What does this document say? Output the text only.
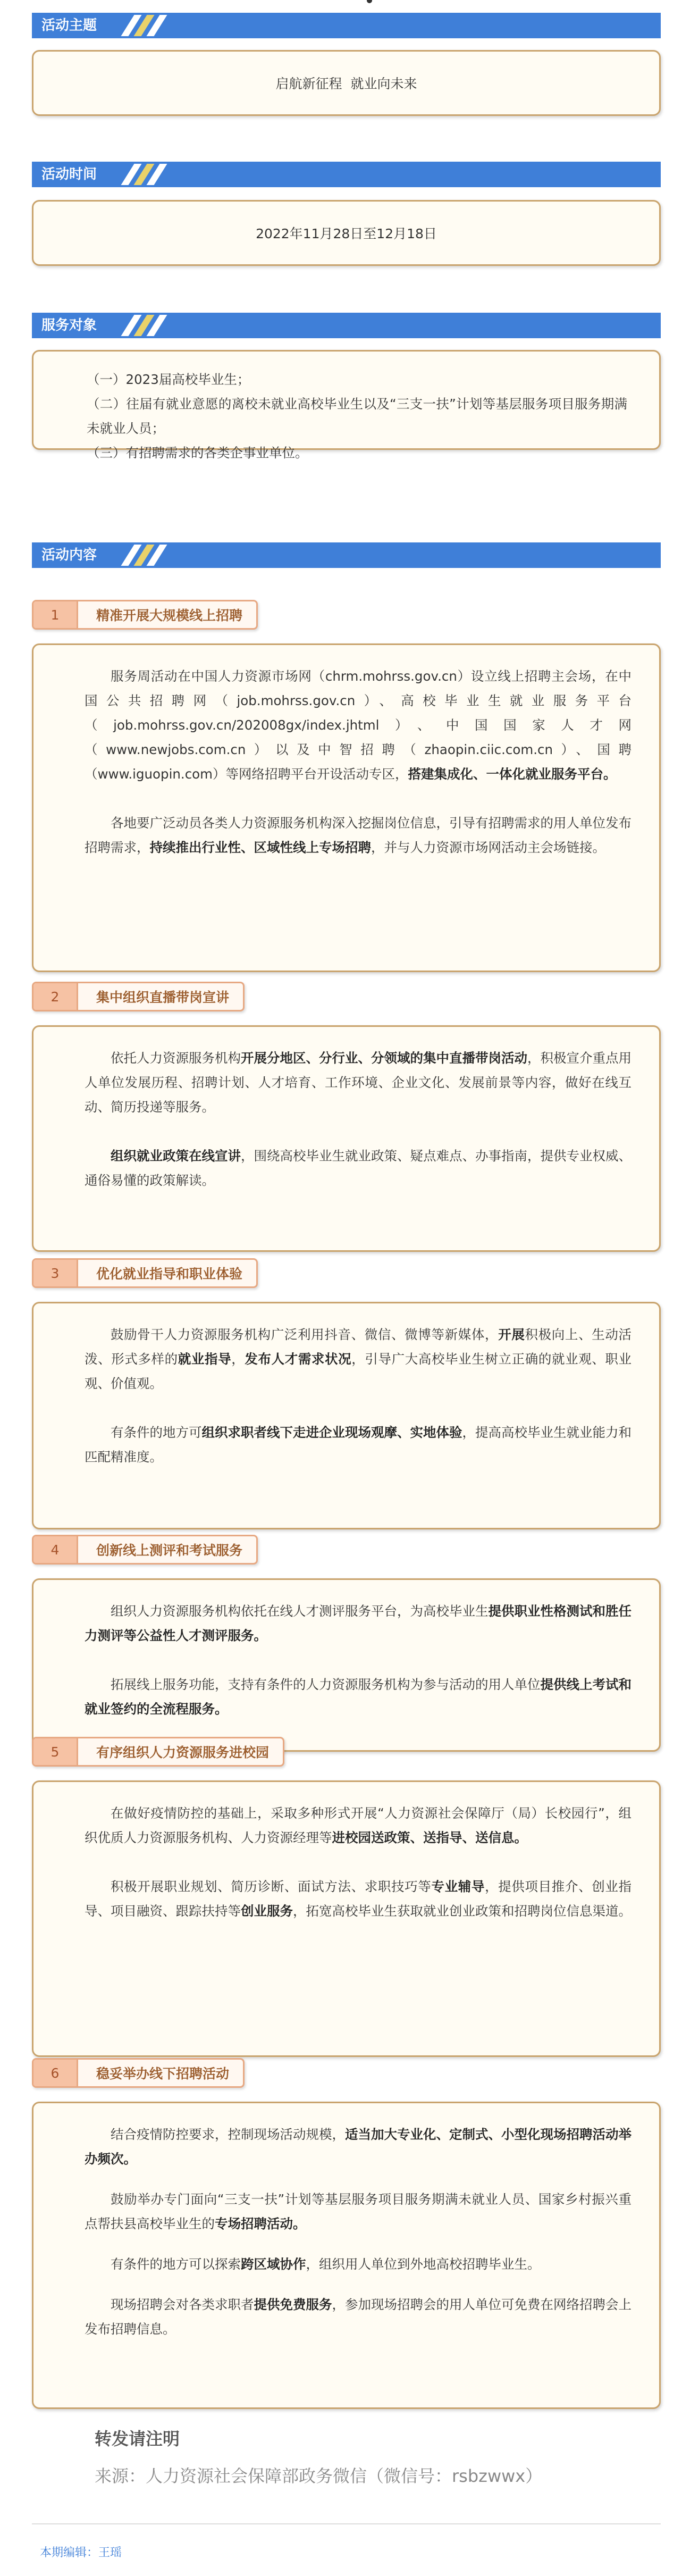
活动主题
启航新征程  就业向未来
活动时间
2022年11月28日至12月18日
服务对象

（一）2023届高校毕业生；

（二）往届有就业意愿的离校未就业高校毕业生以及“三支一扶”计划等基层服务项目服务期满未就业人员；

（三）有招聘需求的各类企事业单位。

活动内容
1	精准开展大规模线上招聘

服务周活动在中国人力资源市场网（chrm.mohrss.gov.cn）设立线上招聘主会场，在中国公共招聘网（job.mohrss.gov.cn）、高校毕业生就业服务平台（job.mohrss.gov.cn/202008gx/index.jhtml）、中国国家人才网（www.newjobs.com.cn）以及中智招聘（zhaopin.ciic.com.cn）、国聘（www.iguopin.com）等网络招聘平台开设活动专区，搭建集成化、一体化就业服务平台。

各地要广泛动员各类人力资源服务机构深入挖掘岗位信息，引导有招聘需求的用人单位发布招聘需求，持续推出行业性、区域性线上专场招聘，并与人力资源市场网活动主会场链接。

2	集中组织直播带岗宣讲

依托人力资源服务机构开展分地区、分行业、分领域的集中直播带岗活动，积极宣介重点用人单位发展历程、招聘计划、人才培育、工作环境、企业文化、发展前景等内容，做好在线互动、简历投递等服务。

组织就业政策在线宣讲，围绕高校毕业生就业政策、疑点难点、办事指南，提供专业权威、通俗易懂的政策解读。

3	优化就业指导和职业体验

鼓励骨干人力资源服务机构广泛利用抖音、微信、微博等新媒体，开展积极向上、生动活泼、形式多样的就业指导，发布人才需求状况，引导广大高校毕业生树立正确的就业观、职业观、价值观。

有条件的地方可组织求职者线下走进企业现场观摩、实地体验，提高高校毕业生就业能力和匹配精准度。

4	创新线上测评和考试服务

组织人力资源服务机构依托在线人才测评服务平台，为高校毕业生提供职业性格测试和胜任力测评等公益性人才测评服务。

拓展线上服务功能，支持有条件的人力资源服务机构为参与活动的用人单位提供线上考试和就业签约的全流程服务。

5	有序组织人力资源服务进校园

在做好疫情防控的基础上，采取多种形式开展“人力资源社会保障厅（局）长校园行”，组织优质人力资源服务机构、人力资源经理等进校园送政策、送指导、送信息。

积极开展职业规划、简历诊断、面试方法、求职技巧等专业辅导，提供项目推介、创业指导、项目融资、跟踪扶持等创业服务，拓宽高校毕业生获取就业创业政策和招聘岗位信息渠道。

6	稳妥举办线下招聘活动

结合疫情防控要求，控制现场活动规模，适当加大专业化、定制式、小型化现场招聘活动举办频次。

鼓励举办专门面向“三支一扶”计划等基层服务项目服务期满未就业人员、国家乡村振兴重点帮扶县高校毕业生的专场招聘活动。

有条件的地方可以探索跨区域协作，组织用人单位到外地高校招聘毕业生。

现场招聘会对各类求职者提供免费服务，参加现场招聘会的用人单位可免费在网络招聘会上发布招聘信息。

转发请注明
来源：人力资源社会保障部政务微信（微信号：rsbzwwx）
本期编辑：王瑶
